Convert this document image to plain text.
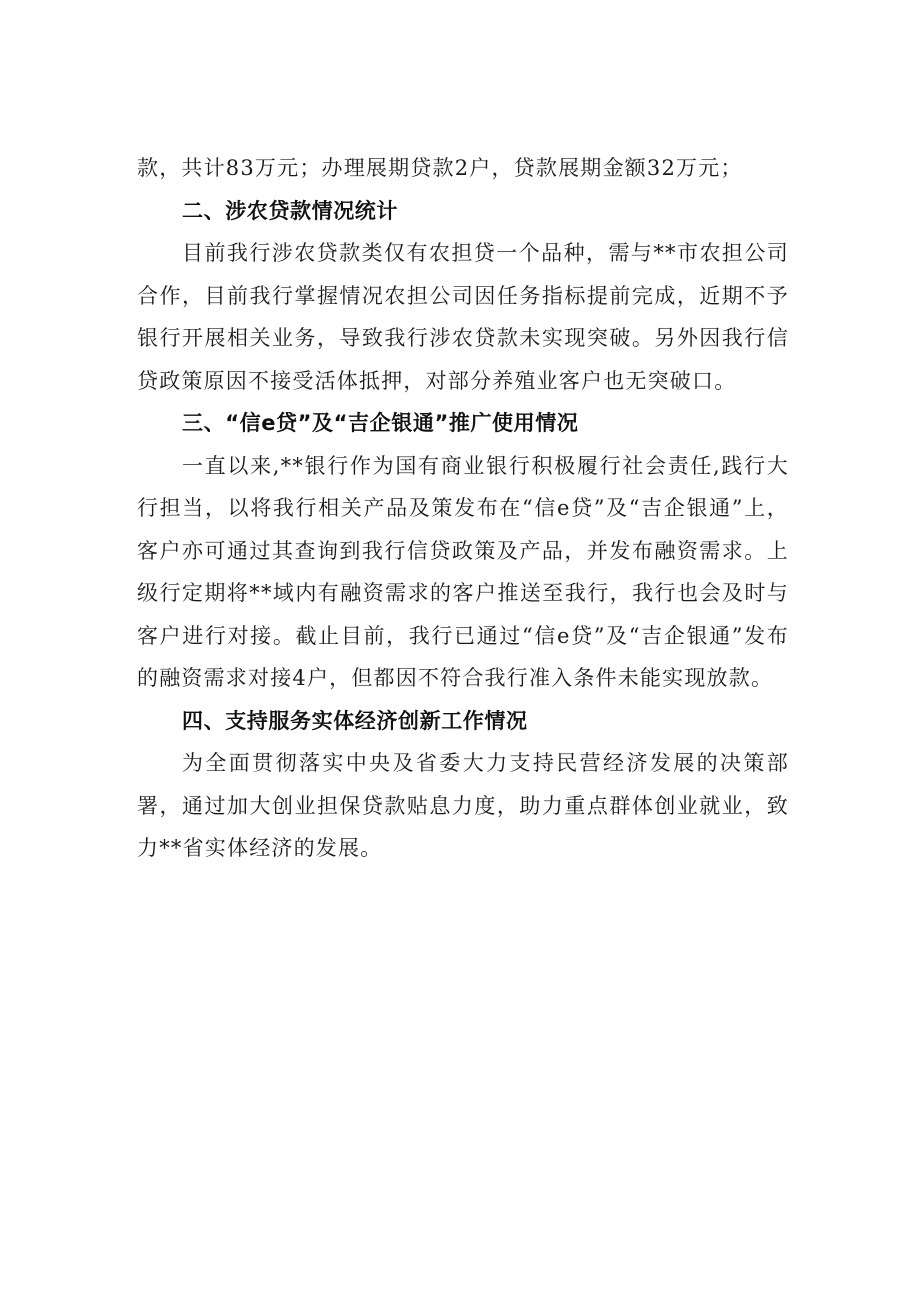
款，共计83万元；办理展期贷款2户，贷款展期金额32万元；

二、涉农贷款情况统计

目前我行涉农贷款类仅有农担贷一个品种，需与**市农担公司合作，目前我行掌握情况农担公司因任务指标提前完成，近期不予银行开展相关业务，导致我行涉农贷款未实现突破。另外因我行信贷政策原因不接受活体抵押，对部分养殖业客户也无突破口。

三、“信e贷”及“吉企银通”推广使用情况

一直以来,**银行作为国有商业银行积极履行社会责任,践行大行担当，以将我行相关产品及策发布在“信e贷”及“吉企银通”上，客户亦可通过其查询到我行信贷政策及产品，并发布融资需求。上级行定期将**域内有融资需求的客户推送至我行，我行也会及时与客户进行对接。截止目前，我行已通过“信e贷”及“吉企银通”发布的融资需求对接4户，但都因不符合我行准入条件未能实现放款。

四、支持服务实体经济创新工作情况

为全面贯彻落实中央及省委大力支持民营经济发展的决策部署，通过加大创业担保贷款贴息力度，助力重点群体创业就业，致力**省实体经济的发展。
